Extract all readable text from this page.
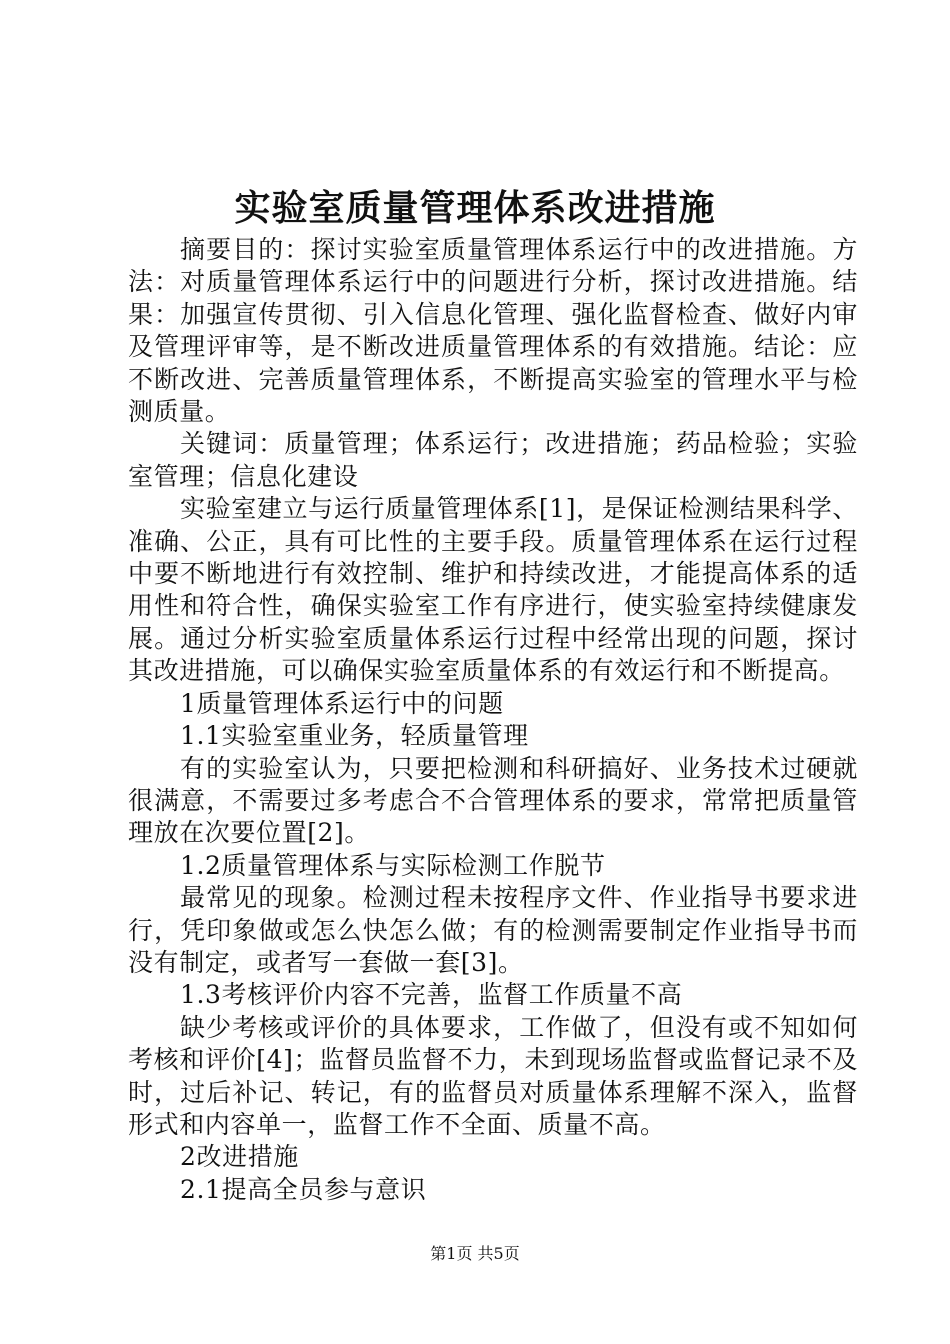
实验室质量管理体系改进措施

摘要目的：探讨实验室质量管理体系运行中的改进措施。方法：对质量管理体系运行中的问题进行分析，探讨改进措施。结果：加强宣传贯彻、引入信息化管理、强化监督检查、做好内审及管理评审等，是不断改进质量管理体系的有效措施。结论：应不断改进、完善质量管理体系，不断提高实验室的管理水平与检测质量。

关键词：质量管理；体系运行；改进措施；药品检验；实验室管理；信息化建设

实验室建立与运行质量管理体系[1]，是保证检测结果科学、准确、公正，具有可比性的主要手段。质量管理体系在运行过程中要不断地进行有效控制、维护和持续改进，才能提高体系的适用性和符合性，确保实验室工作有序进行，使实验室持续健康发展。通过分析实验室质量体系运行过程中经常出现的问题，探讨其改进措施，可以确保实验室质量体系的有效运行和不断提高。

1质量管理体系运行中的问题

1.1实验室重业务，轻质量管理

有的实验室认为，只要把检测和科研搞好、业务技术过硬就很满意，不需要过多考虑合不合管理体系的要求，常常把质量管理放在次要位置[2]。

1.2质量管理体系与实际检测工作脱节

最常见的现象。检测过程未按程序文件、作业指导书要求进行，凭印象做或怎么快怎么做；有的检测需要制定作业指导书而没有制定，或者写一套做一套[3]。

1.3考核评价内容不完善，监督工作质量不高

缺少考核或评价的具体要求，工作做了，但没有或不知如何考核和评价[4]；监督员监督不力，未到现场监督或监督记录不及时，过后补记、转记，有的监督员对质量体系理解不深入，监督形式和内容单一，监督工作不全面、质量不高。

2改进措施

2.1提高全员参与意识

第1页 共5页
